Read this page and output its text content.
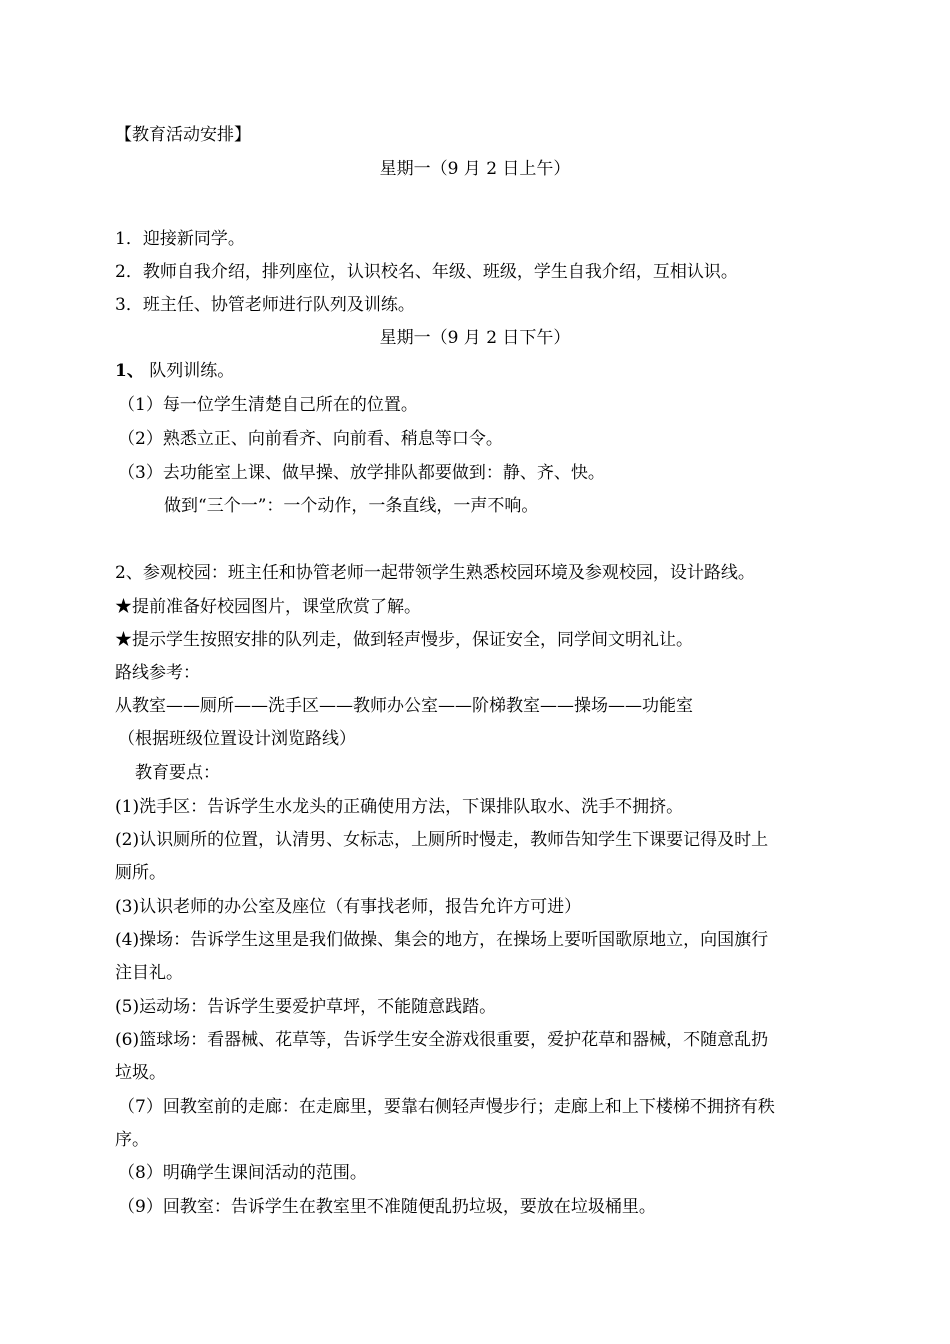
【教育活动安排】
星期一（9 月 2 日上午）
1．迎接新同学。
2．教师自我介绍，排列座位，认识校名、年级、班级，学生自我介绍，互相认识。
3．班主任、协管老师进行队列及训练。
星期一（9 月 2 日下午）
1、 队列训练。
（1）每一位学生清楚自己所在的位置。
（2）熟悉立正、向前看齐、向前看、稍息等口令。
（3）去功能室上课、做早操、放学排队都要做到：静、齐、快。
做到“三个一”：一个动作，一条直线，一声不响。
2、参观校园：班主任和协管老师一起带领学生熟悉校园环境及参观校园，设计路线。
★提前准备好校园图片，课堂欣赏了解。
★提示学生按照安排的队列走，做到轻声慢步，保证安全，同学间文明礼让。
路线参考：
从教室——厕所——洗手区——教师办公室——阶梯教室——操场——功能室
（根据班级位置设计浏览路线）
教育要点：
(1)洗手区：告诉学生水龙头的正确使用方法，下课排队取水、洗手不拥挤。
(2)认识厕所的位置，认清男、女标志，上厕所时慢走，教师告知学生下课要记得及时上
厕所。
(3)认识老师的办公室及座位（有事找老师，报告允许方可进）
(4)操场：告诉学生这里是我们做操、集会的地方，在操场上要听国歌原地立，向国旗行
注目礼。
(5)运动场：告诉学生要爱护草坪，不能随意践踏。
(6)篮球场：看器械、花草等，告诉学生安全游戏很重要，爱护花草和器械，不随意乱扔
垃圾。
（7）回教室前的走廊：在走廊里，要靠右侧轻声慢步行；走廊上和上下楼梯不拥挤有秩
序。
（8）明确学生课间活动的范围。
（9）回教室：告诉学生在教室里不准随便乱扔垃圾，要放在垃圾桶里。
